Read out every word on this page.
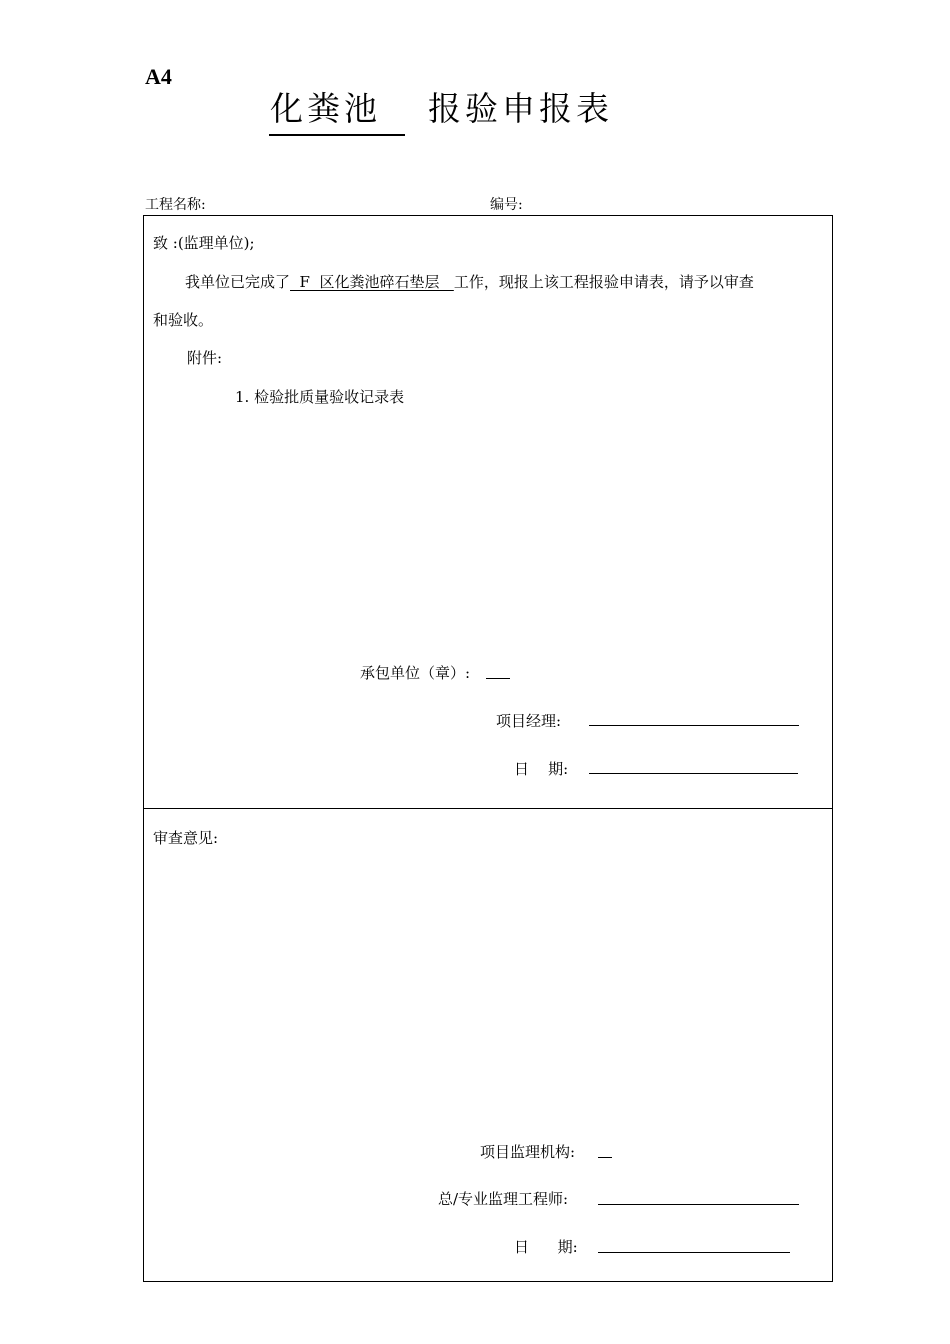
A4
化粪池 报验申报表
工程名称:	编号:
致 :(监理单位);
我单位已完成了  F  区化粪池碎石垫层   工作，现报上该工程报验申请表，请予以审查
和验收。
附件:
1. 检验批质量验收记录表
承包单位（章）:
项目经理:
日    期:
审查意见:
项目监理机构:
总/专业监理工程师:
日      期:
